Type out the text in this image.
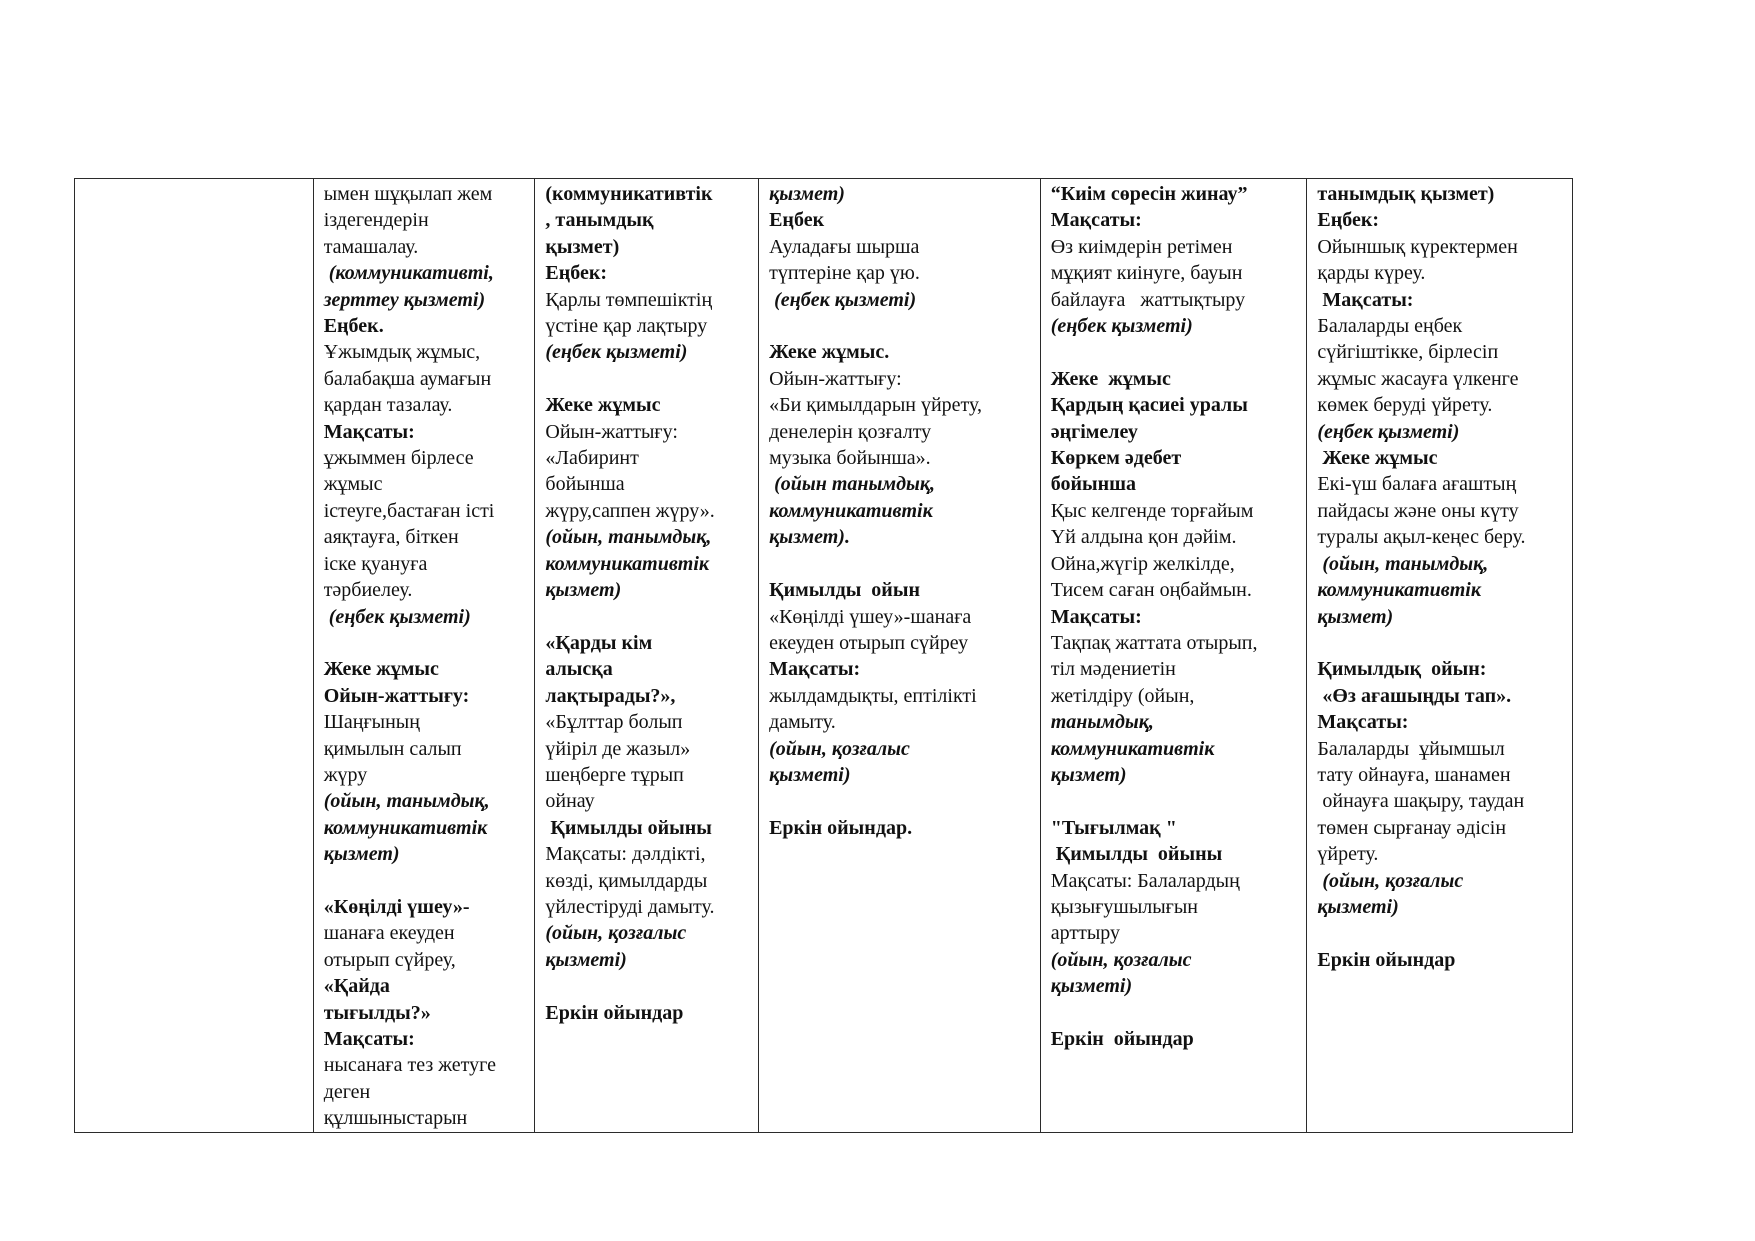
ымен шұқылап жем
іздегендерін
тамашалау.
(коммуникативті,
зерттеу қызметі)
Еңбек.
Ұжымдық жұмыс,
балабақша аумағын
қардан тазалау.
Мақсаты:
ұжыммен бірлесе
жұмыс
істеуге,бастаған істі
аяқтауға, біткен
іске қуануға
тәрбиелеу.
(еңбек қызметі)

Жеке жұмыс
Ойын-жаттығу:
Шаңғының
қимылын салып
жүру
(ойын, танымдық,
коммуникативтік
қызмет)

«Көңілді үшеу»-
шанаға екеуден
отырып сүйреу,
«Қайда
тығылды?»
Мақсаты:
нысанаға тез жетуге
деген
құлшыныстарын
(коммуникативтік
, танымдық
қызмет)
Еңбек:
Қарлы төмпешіктің
үстіне қар лақтыру
(еңбек қызметі)

Жеке жұмыс
Ойын-жаттығу:
«Лабиринт
бойынша
жүру,саппен жүру».
(ойын, танымдық,
коммуникативтік
қызмет)

«Қарды кім
алысқа
лақтырады?»,
«Бұлттар болып
үйіріл де жазыл»
шеңберге тұрып
ойнау
Қимылды ойыны
Мақсаты: дәлдікті,
көзді, қимылдарды
үйлестіруді дамыту.
(ойын, қозғалыс
қызметі)

Еркін ойындар
қызмет)
Еңбек
Ауладағы шырша
түптеріне қар үю.
(еңбек қызметі)

Жеке жұмыс.
Ойын-жаттығу:
«Би қимылдарын үйрету,
денелерін қозғалту
музыка бойынша».
(ойын танымдық,
коммуникативтік
қызмет).

Қимылды  ойын
«Көңілді үшеу»-шанаға
екеуден отырып сүйреу
Мақсаты:
жылдамдықты, ептілікті
дамыту.
(ойын, қозғалыс
қызметі)

Еркін ойындар.
“Киім сөресін жинау”
Мақсаты:
Өз киімдерін ретімен
мұқият киінуге, бауын
байлауға   жаттықтыру
(еңбек қызметі)

Жеке  жұмыс
Қардың қасиеі уралы
әңгімелеу
Көркем әдебет
бойынша
Қыс келгенде торғайым
Үй алдына қон дәйім.
Ойна,жүгір желкілде,
Тисем саған оңбаймын.
Мақсаты:
Тақпақ жаттата отырып,
тіл мәдениетін
жетілдіру (ойын,
танымдық,
коммуникативтік
қызмет)

"Тығылмақ "
Қимылды  ойыны
Мақсаты: Балалардың
қызығушылығын
арттыру
(ойын, қозғалыс
қызметі)

Еркін  ойындар
танымдық қызмет)
Еңбек:
Ойыншық күректермен
қарды күреу.
Мақсаты:
Балаларды еңбек
сүйгіштікке, бірлесіп
жұмыс жасауға үлкенге
көмек беруді үйрету.
(еңбек қызметі)
Жеке жұмыс
Екі-үш балаға ағаштың
пайдасы және оны күту
туралы ақыл-кеңес беру.
(ойын, танымдық,
коммуникативтік
қызмет)

Қимылдық  ойын:
«Өз ағашыңды тап».
Мақсаты:
Балаларды  ұйымшыл
тату ойнауға, шанамен
ойнауға шақыру, таудан
төмен сырғанау әдісін
үйрету.
(ойын, қозғалыс
қызметі)

Еркін ойындар
